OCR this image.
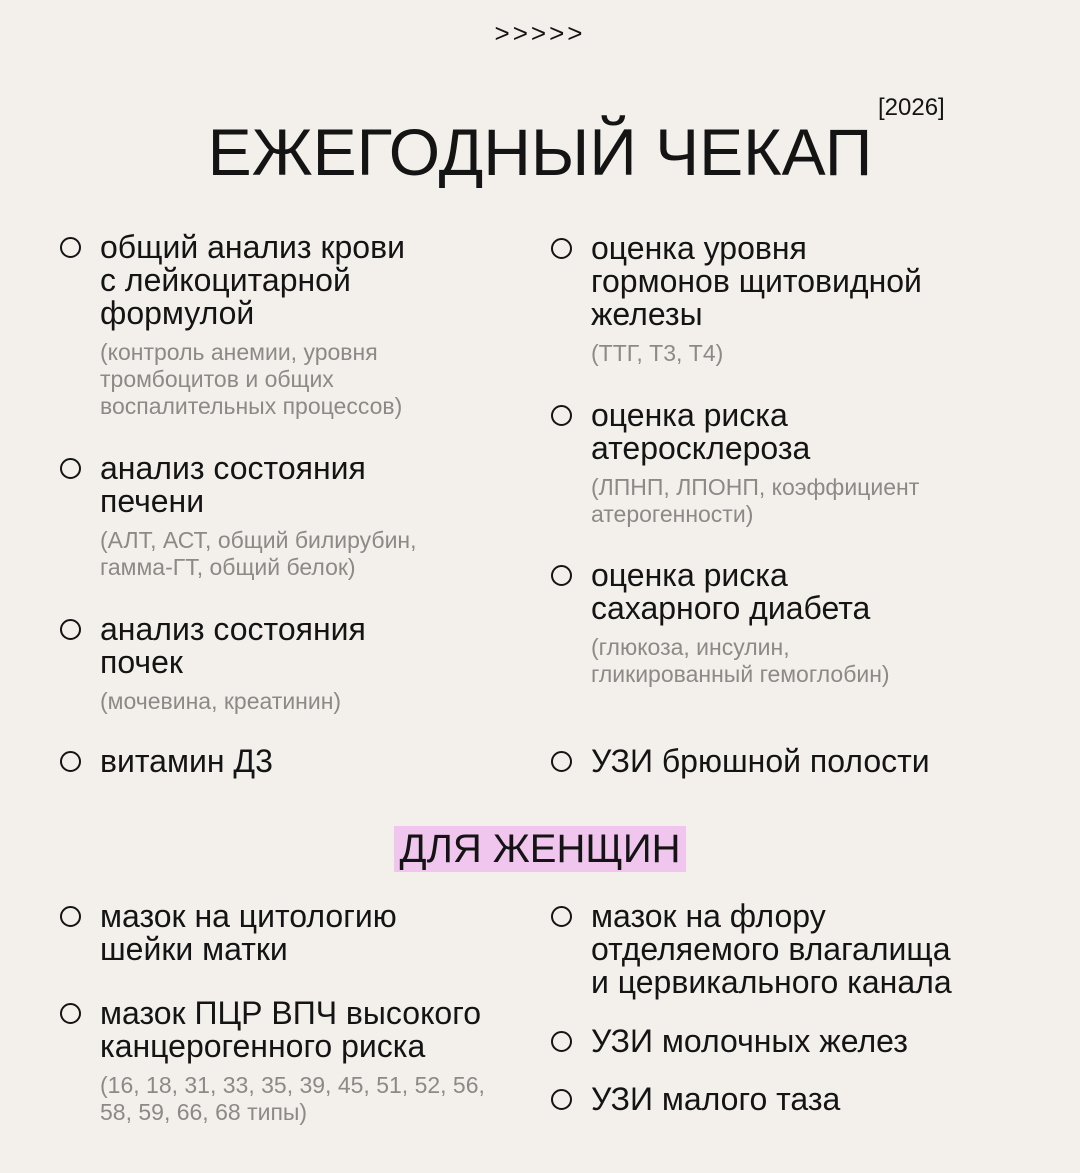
>>>>>
ЕЖЕГОДНЫЙ ЧЕКАП
[2026]
ДЛЯ ЖЕНЩИН
общий анализ крови
с лейкоцитарной
формулой
(контроль анемии, уровня
тромбоцитов и общих
воспалительных процессов)
анализ состояния
печени
(АЛТ, АСТ, общий билирубин,
гамма-ГТ, общий белок)
анализ состояния
почек
(мочевина, креатинин)
витамин Д3
оценка уровня
гормонов щитовидной
железы
(ТТГ, Т3, Т4)
оценка риска
атеросклероза
(ЛПНП, ЛПОНП, коэффициент
атерогенности)
оценка риска
сахарного диабета
(глюкоза, инсулин,
гликированный гемоглобин)
УЗИ брюшной полости
мазок на цитологию
шейки матки
мазок ПЦР ВПЧ высокого
канцерогенного риска
(16, 18, 31, 33, 35, 39, 45, 51, 52, 56,
58, 59, 66, 68 типы)
мазок на флору
отделяемого влагалища
и цервикального канала
УЗИ молочных желез
УЗИ малого таза
